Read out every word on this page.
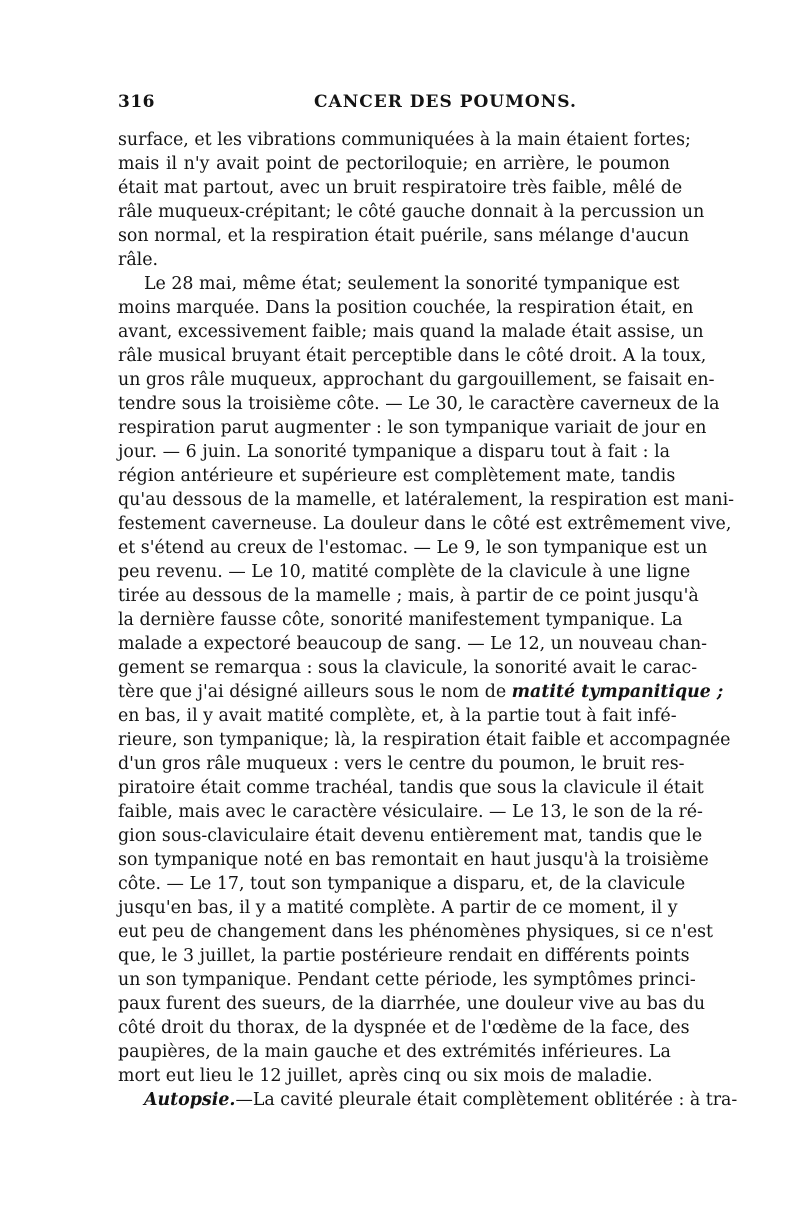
316	CANCER DES POUMONS.
surface, et les vibrations communiquées à la main étaient fortes;
mais il n'y avait point de pectoriloquie; en arrière, le poumon
était mat partout, avec un bruit respiratoire très faible, mêlé de
râle muqueux-crépitant; le côté gauche donnait à la percussion un
son normal, et la respiration était puérile, sans mélange d'aucun
râle.
Le 28 mai, même état; seulement la sonorité tympanique est
moins marquée. Dans la position couchée, la respiration était, en
avant, excessivement faible; mais quand la malade était assise, un
râle musical bruyant était perceptible dans le côté droit. A la toux,
un gros râle muqueux, approchant du gargouillement, se faisait en-
tendre sous la troisième côte. — Le 30, le caractère caverneux de la
respiration parut augmenter : le son tympanique variait de jour en
jour. — 6 juin. La sonorité tympanique a disparu tout à fait : la
région antérieure et supérieure est complètement mate, tandis
qu'au dessous de la mamelle, et latéralement, la respiration est mani-
festement caverneuse. La douleur dans le côté est extrêmement vive,
et s'étend au creux de l'estomac. — Le 9, le son tympanique est un
peu revenu. — Le 10, matité complète de la clavicule à une ligne
tirée au dessous de la mamelle ; mais, à partir de ce point jusqu'à
la dernière fausse côte, sonorité manifestement tympanique. La
malade a expectoré beaucoup de sang. — Le 12, un nouveau chan-
gement se remarqua : sous la clavicule, la sonorité avait le carac-
tère que j'ai désigné ailleurs sous le nom de matité tympanitique ;
en bas, il y avait matité complète, et, à la partie tout à fait infé-
rieure, son tympanique; là, la respiration était faible et accompagnée
d'un gros râle muqueux : vers le centre du poumon, le bruit res-
piratoire était comme trachéal, tandis que sous la clavicule il était
faible, mais avec le caractère vésiculaire. — Le 13, le son de la ré-
gion sous-claviculaire était devenu entièrement mat, tandis que le
son tympanique noté en bas remontait en haut jusqu'à la troisième
côte. — Le 17, tout son tympanique a disparu, et, de la clavicule
jusqu'en bas, il y a matité complète. A partir de ce moment, il y
eut peu de changement dans les phénomènes physiques, si ce n'est
que, le 3 juillet, la partie postérieure rendait en différents points
un son tympanique. Pendant cette période, les symptômes princi-
paux furent des sueurs, de la diarrhée, une douleur vive au bas du
côté droit du thorax, de la dyspnée et de l'œdème de la face, des
paupières, de la main gauche et des extrémités inférieures. La
mort eut lieu le 12 juillet, après cinq ou six mois de maladie.
Autopsie.—La cavité pleurale était complètement oblitérée : à tra-
